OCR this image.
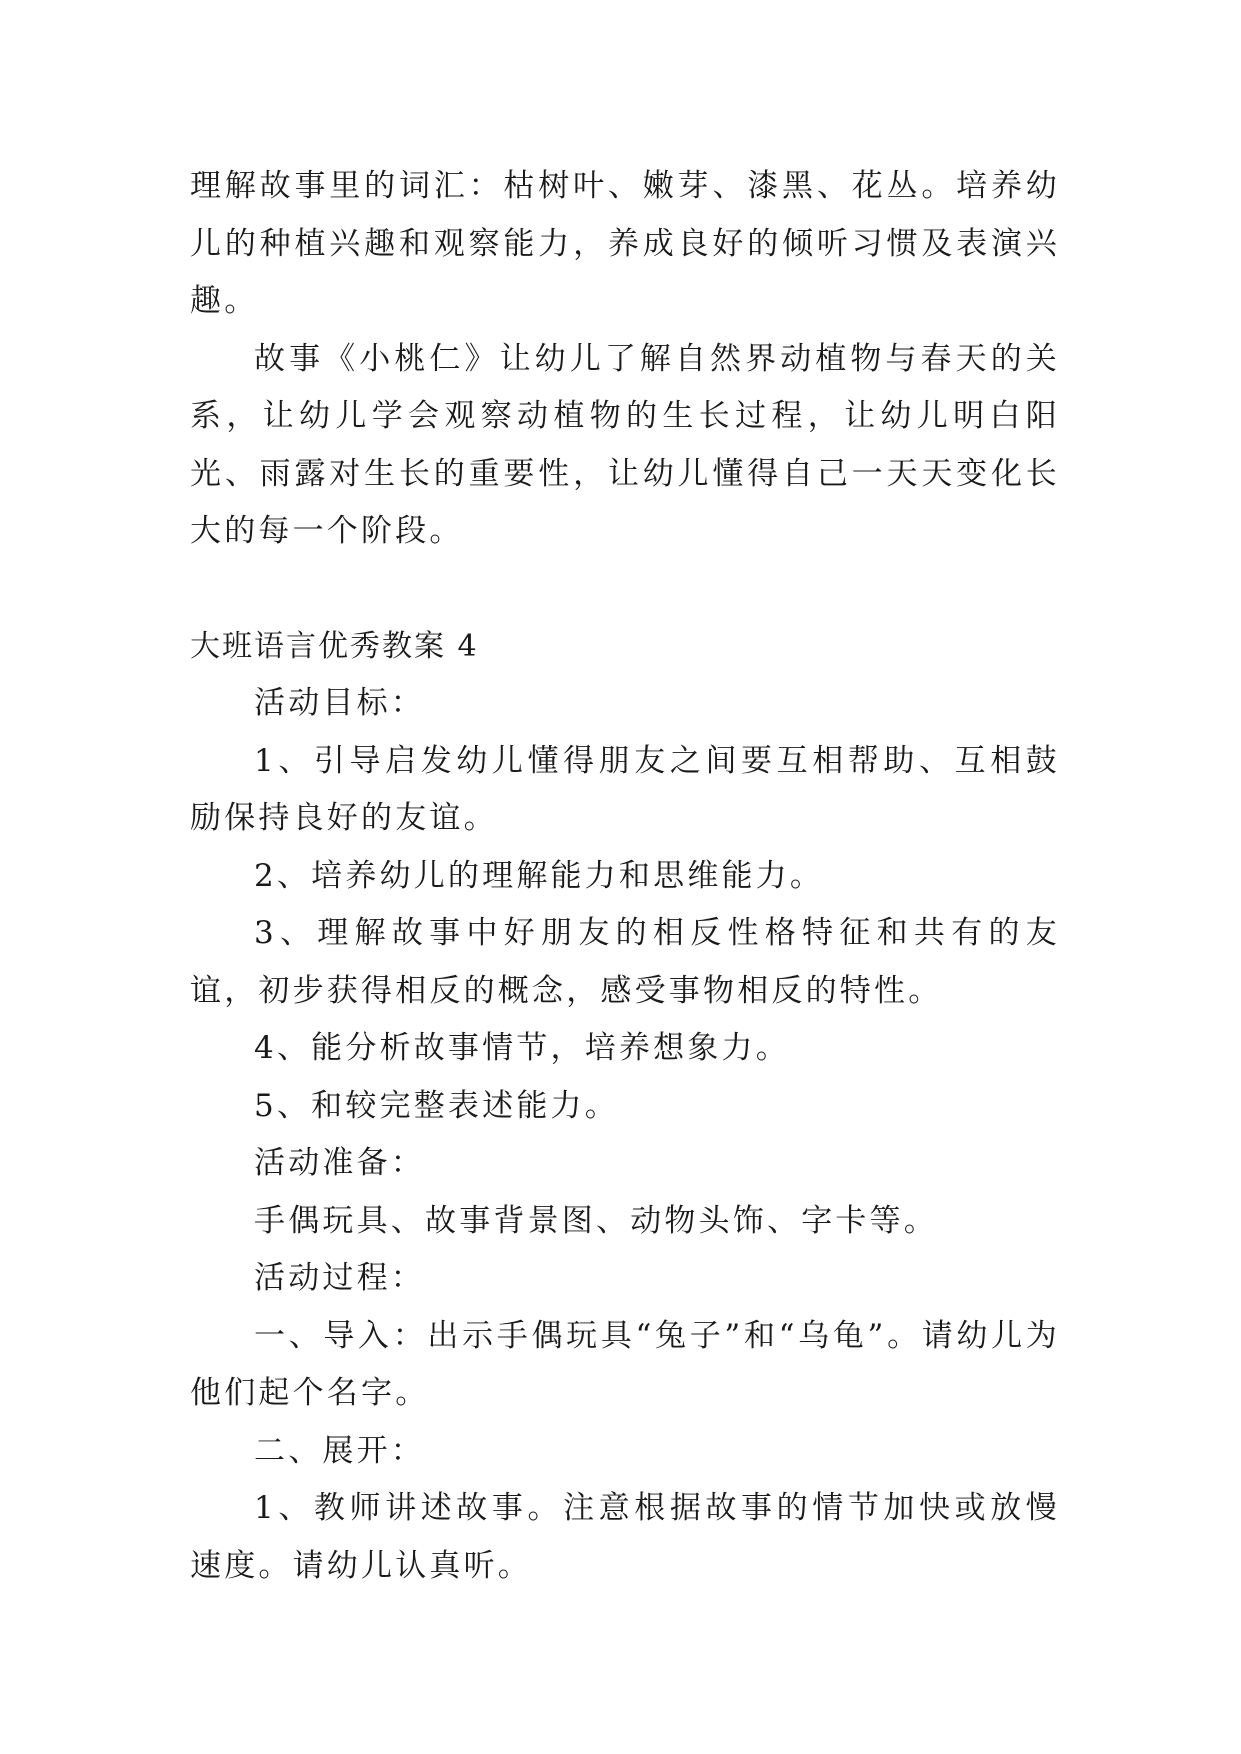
理解故事里的词汇：枯树叶、嫩芽、漆黑、花丛。培养幼儿的种植兴趣和观察能力，养成良好的倾听习惯及表演兴趣。

故事《小桃仁》让幼儿了解自然界动植物与春天的关系，让幼儿学会观察动植物的生长过程，让幼儿明白阳光、雨露对生长的重要性，让幼儿懂得自己一天天变化长大的每一个阶段。

大班语言优秀教案 4

活动目标：

1、引导启发幼儿懂得朋友之间要互相帮助、互相鼓励保持良好的友谊。

2、培养幼儿的理解能力和思维能力。

3、理解故事中好朋友的相反性格特征和共有的友谊，初步获得相反的概念，感受事物相反的特性。

4、能分析故事情节，培养想象力。

5、和较完整表述能力。

活动准备：

手偶玩具、故事背景图、动物头饰、字卡等。

活动过程：

一、导入：出示手偶玩具“兔子”和“乌龟”。请幼儿为他们起个名字。

二、展开：

1、教师讲述故事。注意根据故事的情节加快或放慢速度。请幼儿认真听。
